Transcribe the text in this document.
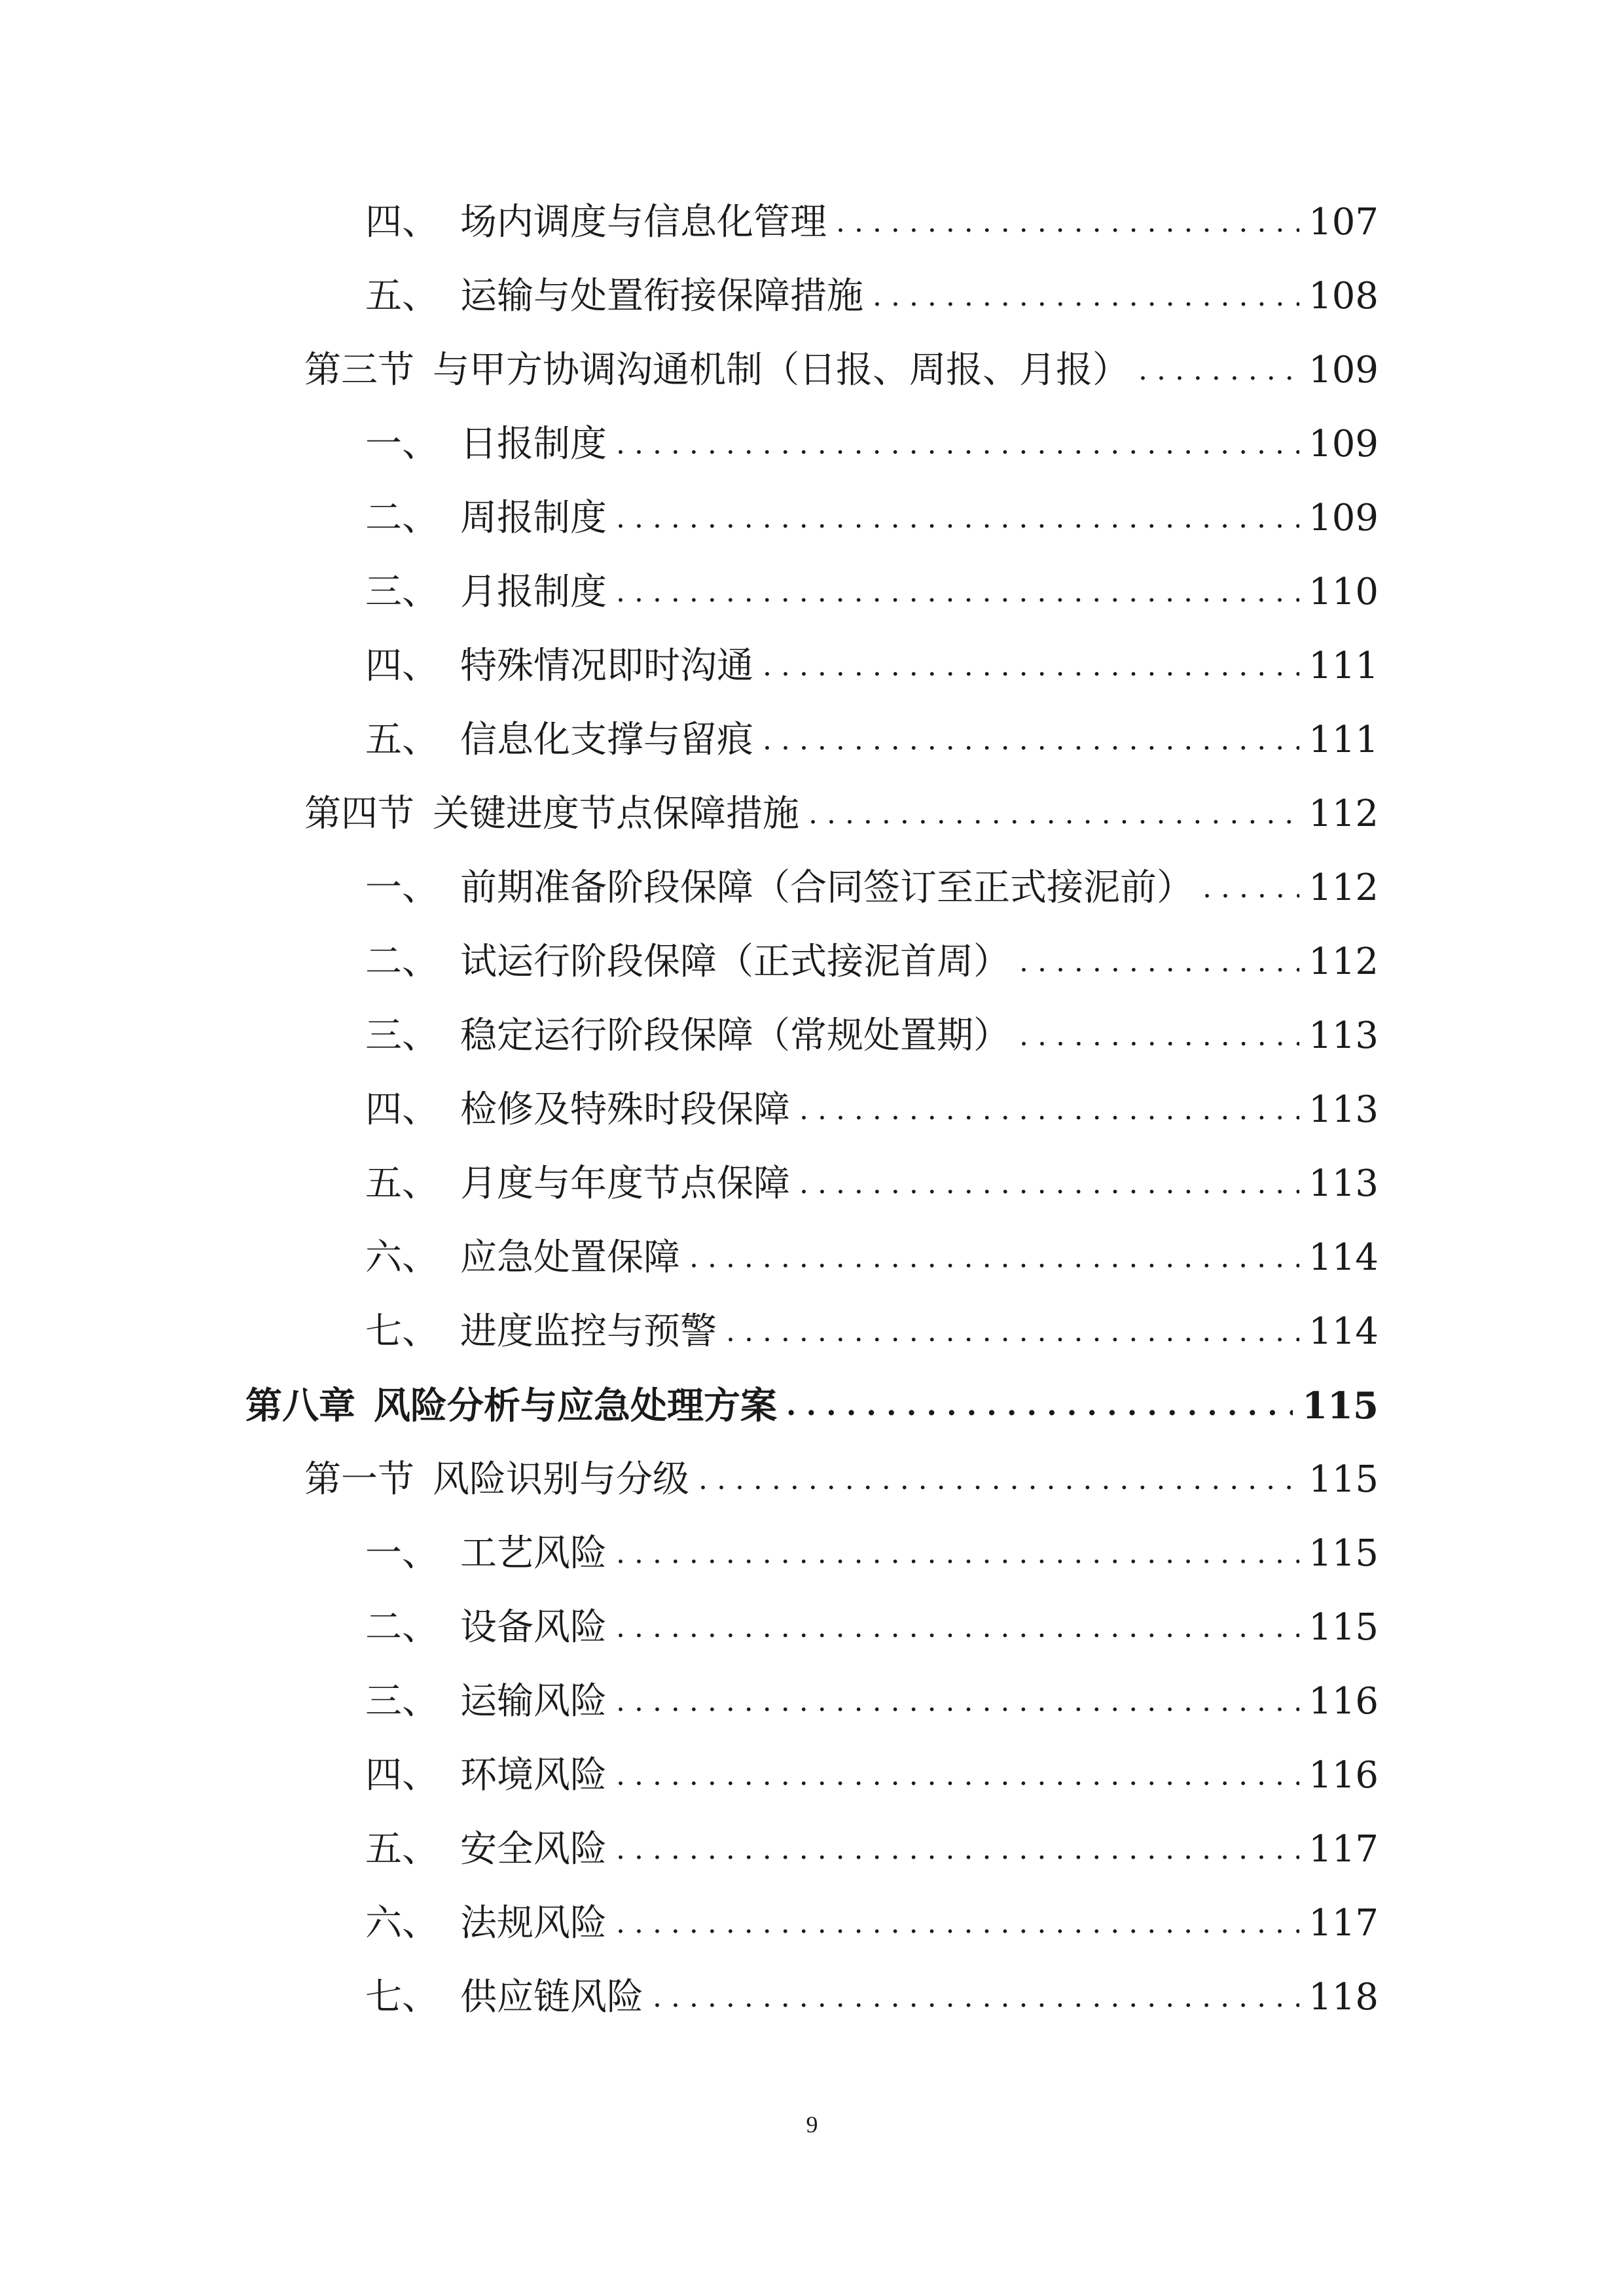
四、 场内调度与信息化管理 . . .	107
五、 运输与处置衔接保障措施 . . .	108
第三节 与甲方协调沟通机制（日报、周报、月报） . . .	109
一、 日报制度 . . .	109
二、 周报制度 . . .	109
三、 月报制度 . . .	110
四、 特殊情况即时沟通 . . .	111
五、 信息化支撑与留痕 . . .	111
第四节 关键进度节点保障措施 . . .	112
一、 前期准备阶段保障（合同签订至正式接泥前） . . .	112
二、 试运行阶段保障（正式接泥首周） . . .	112
三、 稳定运行阶段保障（常规处置期） . . .	113
四、 检修及特殊时段保障 . . .	113
五、 月度与年度节点保障 . . .	113
六、 应急处置保障 . . .	114
七、 进度监控与预警 . . .	114
第八章 风险分析与应急处理方案 . . .	115
第一节 风险识别与分级 . . .	115
一、 工艺风险 . . .	115
二、 设备风险 . . .	115
三、 运输风险 . . .	116
四、 环境风险 . . .	116
五、 安全风险 . . .	117
六、 法规风险 . . .	117
七、 供应链风险 . . .	118
9
